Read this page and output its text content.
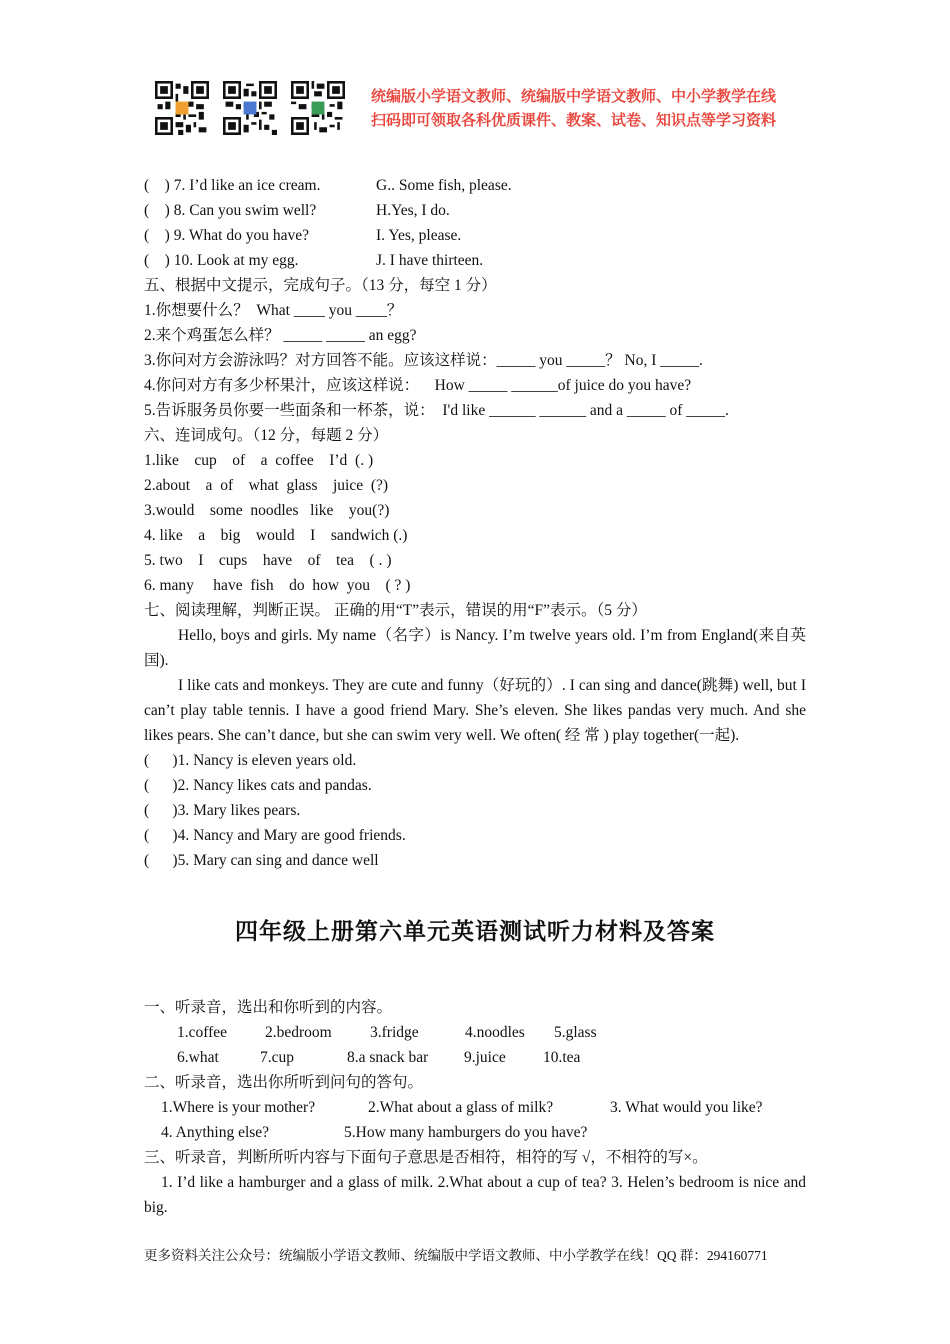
统编版小学语文教师、统编版中学语文教师、中小学教学在线
扫码即可领取各科优质课件、教案、试卷、知识点等学习资料
(    ) 7. I’d like an ice cream.	G.. Some fish, please.
(    ) 8. Can you swim well?	H.Yes, I do.
(    ) 9. What do you have?	I. Yes, please.
(    ) 10. Look at my egg.	J. I have thirteen.
五、根据中文提示，完成句子。（13 分，每空 1 分）
1.你想要什么？  What ____ you ____？
2.来个鸡蛋怎么样？ _____ _____ an egg?
3.你问对方会游泳吗？对方回答不能。应该这样说：_____ you _____？ No, I _____.
4.你问对方有多少杯果汁，应该这样说：    How _____ ______of juice do you have?
5.告诉服务员你要一些面条和一杯茶，说：  I'd like ______ ______ and a _____ of _____.
六、连词成句。（12 分，每题 2 分）
1.like    cup    of    a  coffee    I’d  (. )
2.about    a  of    what  glass    juice  (?)
3.would    some  noodles   like    you(?)
4. like    a    big    would    I    sandwich (.)
5. two    I    cups    have    of    tea    ( . )
6. many     have  fish    do  how  you    ( ? )
七、阅读理解，判断正误。 正确的用“T”表示，错误的用“F”表示。（5 分）
Hello, boys and girls. My name（名字）is Nancy. I’m twelve years old. I’m from England(来自英国).
I like cats and monkeys. They are cute and funny（好玩的）. I can sing and dance(跳舞) well, but I can’t play table tennis. I have a good friend Mary. She’s eleven. She likes pandas very much. And she likes pears. She can’t dance, but she can swim very well. We often( 经 常 ) play together(一起).
(      )1. Nancy is eleven years old.
(      )2. Nancy likes cats and pandas.
(      )3. Mary likes pears.
(      )4. Nancy and Mary are good friends.
(      )5. Mary can sing and dance well
四年级上册第六单元英语测试听力材料及答案
一、听录音，选出和你听到的内容。
1.coffee	2.bedroom	3.fridge	4.noodles	5.glass
6.what	7.cup	8.a snack bar	9.juice	10.tea
二、听录音，选出你所听到问句的答句。
1.Where is your mother?	2.What about a glass of milk?	3. What would you like?
4. Anything else?	5.How many hamburgers do you have?
三、听录音，判断所听内容与下面句子意思是否相符，相符的写 √，不相符的写×。
1. I’d like a hamburger and a glass of milk. 2.What about a cup of tea? 3. Helen’s bedroom is nice and big.
更多资料关注公众号：统编版小学语文教师、统编版中学语文教师、中小学教学在线！QQ 群：294160771
